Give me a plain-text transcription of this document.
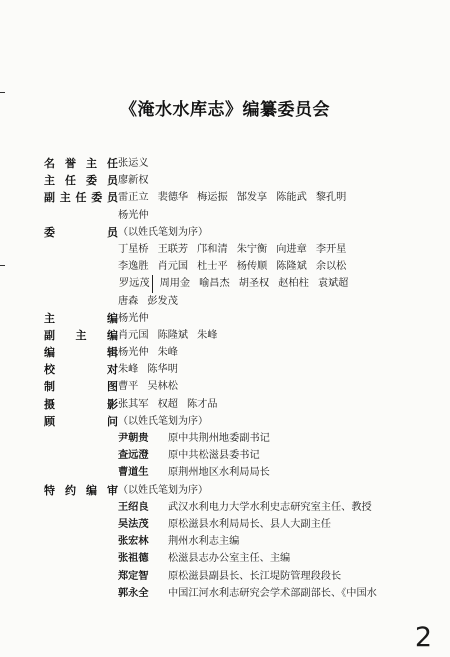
《淹水水库志》编纂委员会
名 誉 主 任 张运义
主 任 委 员 廖新权
副 主 任 委 员 雷正立 裴德华 梅运振 郜发享 陈能武 黎孔明
杨光仲
委	员 （以姓氏笔划为序）
丁星桥 王联芳 邝和清 朱宁衡 向进章 李开星
李逸胜 肖元国 杜士平 杨传顺 陈隆斌 余以松
罗远茂 周用金 喻昌杰 胡圣权 赵柏柱 袁斌超
唐森 彭发茂
主	编 杨光仲
副 主 编 肖元国 陈隆斌 朱峰
编	辑 杨光仲 朱峰
校	对 朱峰 陈华明
制	图 曹平 吴林松
摄	影 张其军 权超 陈才品
顾	问 （以姓氏笔划为序）
尹朝贵 原中共荆州地委副书记
查远澄 原中共松滋县委书记
曹道生 原荆州地区水利局局长
特 约 编 审 （以姓氏笔划为序）
王绍良 武汉水利电力大学水利史志研究室主任、教授
吴法茂 原松滋县水利局局长、县人大副主任
张宏林 荆州水利志主编
张祖德 松滋县志办公室主任、主编
郑定智 原松滋县副县长、长江堤防管理段段长
郭永全 中国江河水利志研究会学术部副部长、《中国水
2
